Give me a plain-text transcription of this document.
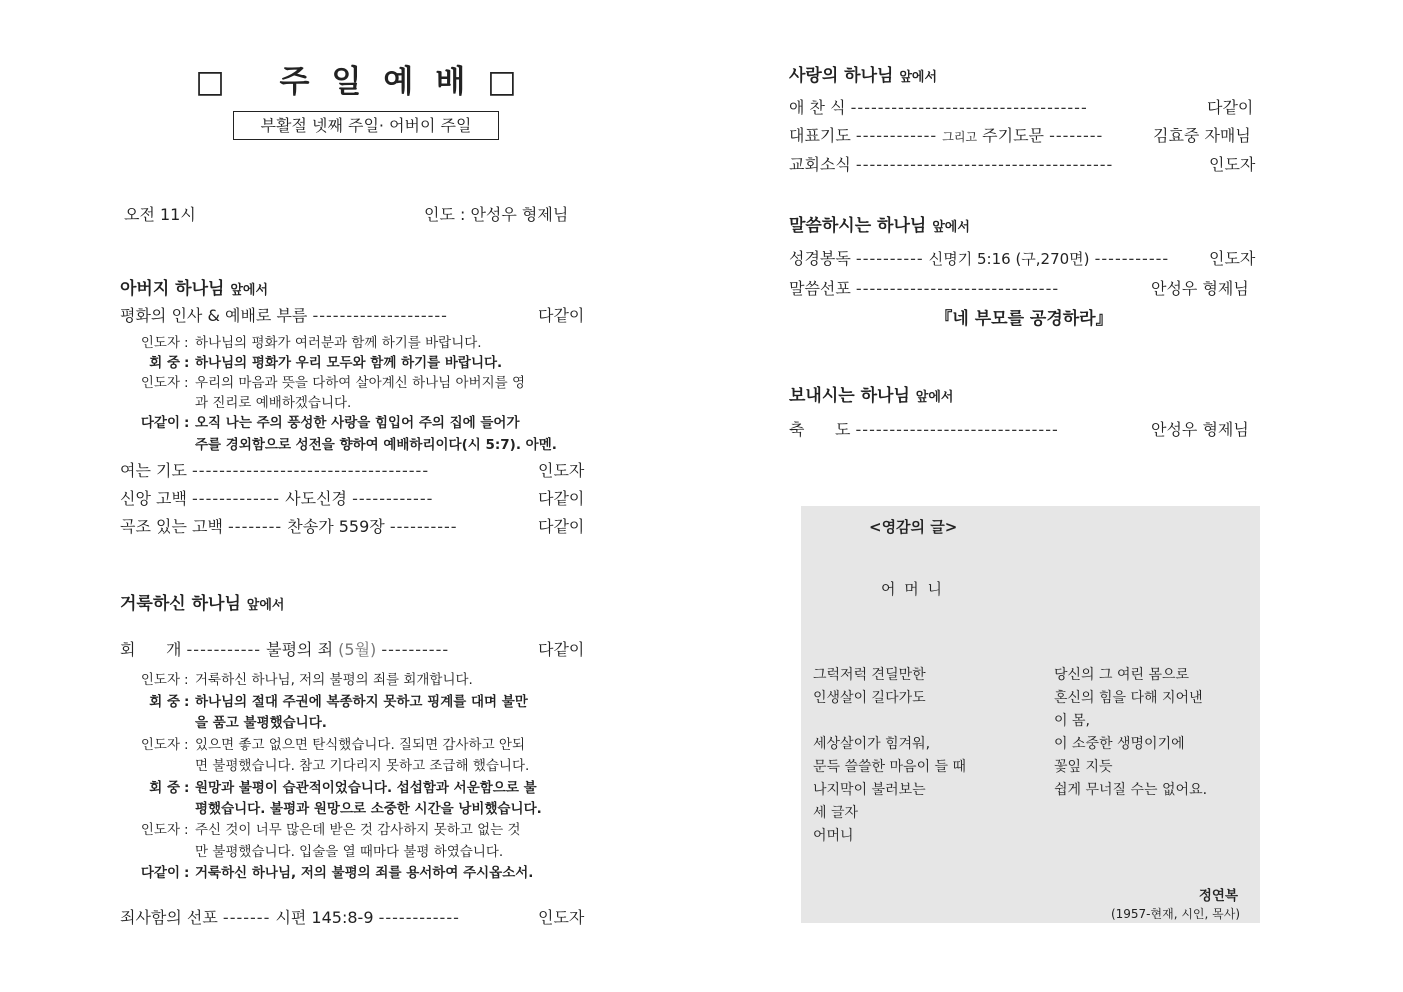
□ 주일예배□
부활절 넷째 주일· 어버이 주일
오전 11시	인도 : 안성우 형제님
아버지 하나님 앞에서
평화의 인사 & 예배로 부름 --------------------	다같이
인도자 : 하나님의 평화가 여러분과 함께 하기를 바랍니다.
회 중 : 하나님의 평화가 우리 모두와 함께 하기를 바랍니다.
인도자 : 우리의 마음과 뜻을 다하여 살아계신 하나님 아버지를 영
과 진리로 예배하겠습니다.
다같이 : 오직 나는 주의 풍성한 사랑을 힘입어 주의 집에 들어가
주를 경외함으로 성전을 향하여 예배하리이다(시 5:7). 아멘.
여는 기도 -----------------------------------	인도자
신앙 고백 ------------- 사도신경 ------------	다같이
곡조 있는 고백 -------- 찬송가 559장 ----------	다같이
거룩하신 하나님 앞에서
회      개 ----------- 불평의 죄 (5월) ----------	다같이
인도자 : 거룩하신 하나님, 저의 불평의 죄를 회개합니다.
회 중 : 하나님의 절대 주권에 복종하지 못하고 핑계를 대며 불만
을 품고 불평했습니다.
인도자 : 있으면 좋고 없으면 탄식했습니다. 질되면 감사하고 안되
면 불평했습니다. 참고 기다리지 못하고 조급해 했습니다.
회 중 : 원망과 불평이 습관적이었습니다. 섭섭함과 서운함으로 불
평했습니다. 불평과 원망으로 소중한 시간을 낭비했습니다.
인도자 : 주신 것이 너무 많은데 받은 것 감사하지 못하고 없는 것
만 불평했습니다. 입술을 열 때마다 불평 하였습니다.
다같이 : 거룩하신 하나님, 저의 불평의 죄를 용서하여 주시옵소서.
죄사함의 선포 ------- 시편 145:8-9 ------------	인도자
사랑의 하나님 앞에서
애 찬 식 -----------------------------------	다같이
대표기도 ------------ 그리고 주기도문 --------	김효중 자매님
교회소식 --------------------------------------	인도자
말씀하시는 하나님 앞에서
성경봉독 ---------- 신명기 5:16 (구,270면) ----------- 인도자
말씀선포 ------------------------------	안성우 형제님
『네 부모를 공경하라』
보내시는 하나님 앞에서
축      도 ------------------------------	안성우 형제님
<영감의 글>
어 머 니
그럭저럭 견딜만한
인생살이 길다가도
세상살이가 힘겨워,
문득 쓸쓸한 마음이 들 때
나지막이 불러보는
세 글자
어머니
당신의 그 여린 몸으로
혼신의 힘을 다해 지어낸
이 몸,
이 소중한 생명이기에
꽃잎 지듯
쉽게 무너질 수는 없어요.
정연복
(1957-현재, 시인, 목사)
